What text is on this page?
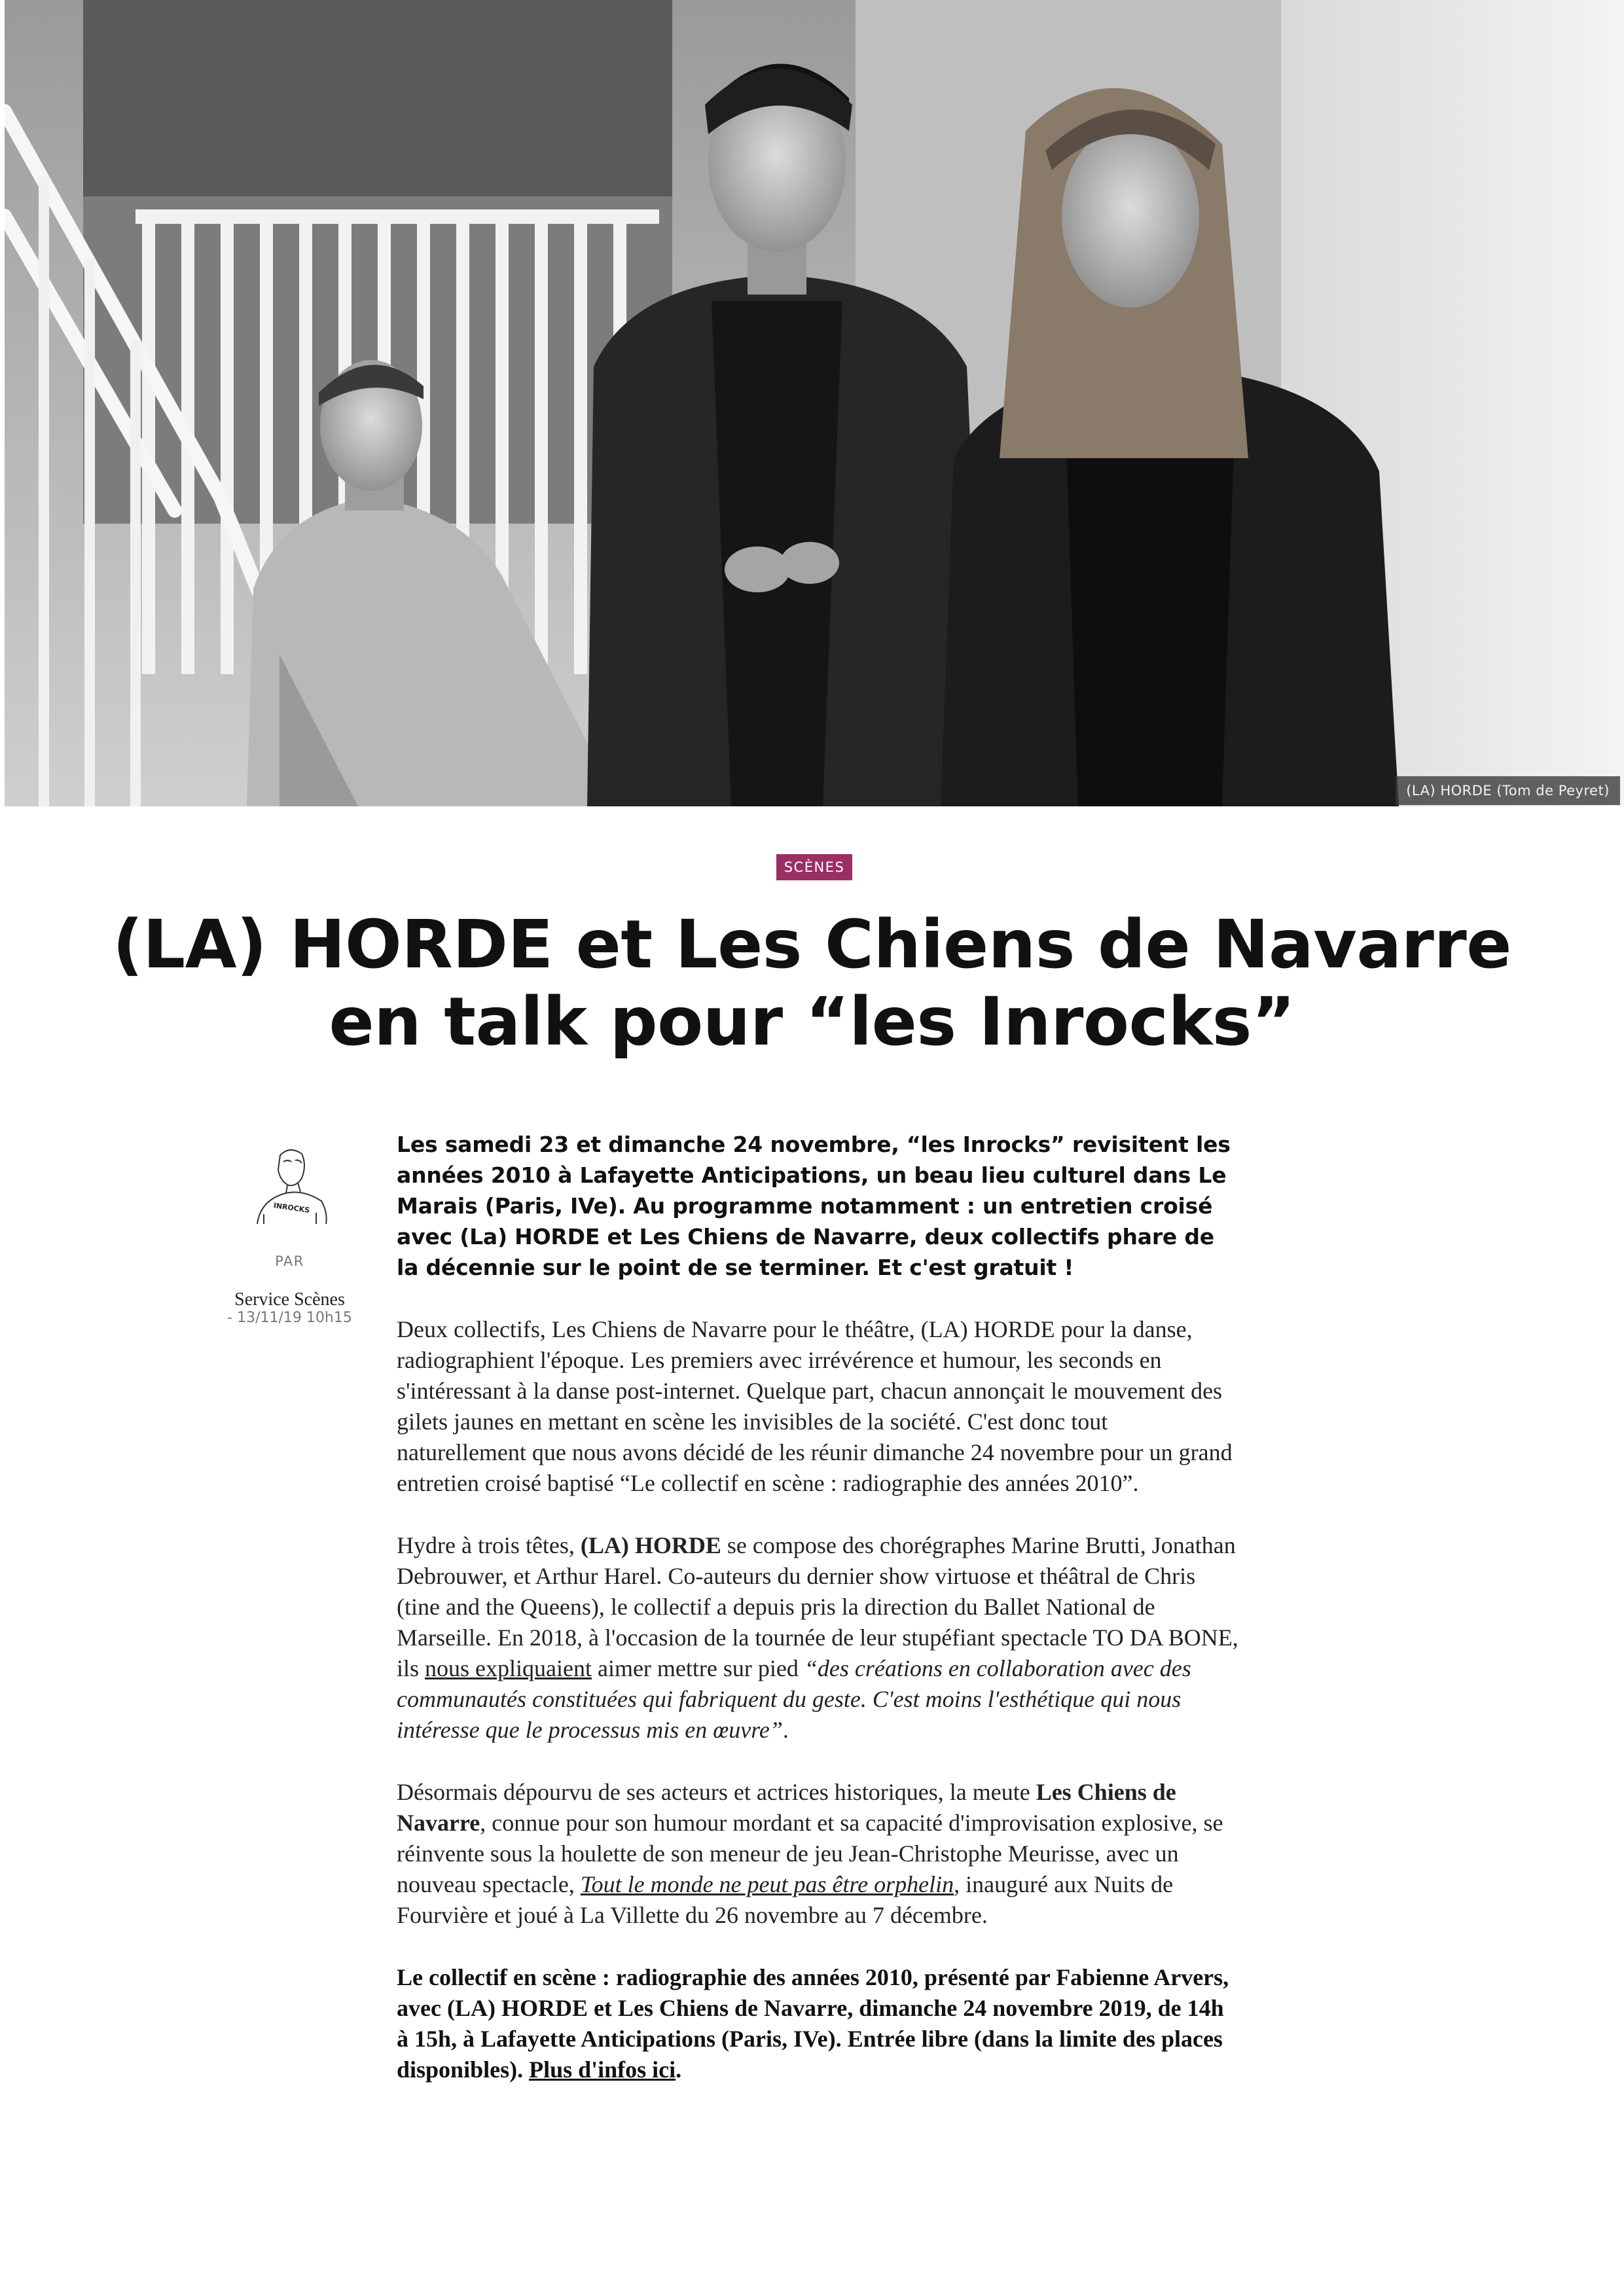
(LA) HORDE (Tom de Peyret)
SCÈNES
(LA) HORDE et Les Chiens de Navarre en talk pour “les Inrocks”
INROCKS
PAR
Service Scènes
- 13/11/19 10h15

Les samedi 23 et dimanche 24 novembre, “les Inrocks” revisitent les années 2010 à Lafayette Anticipations, un beau lieu culturel dans Le Marais (Paris, IVe). Au programme notamment : un entretien croisé avec (La) HORDE et Les Chiens de Navarre, deux collectifs phare de la décennie sur le point de se terminer. Et c'est gratuit !

Deux collectifs, Les Chiens de Navarre pour le théâtre, (LA) HORDE pour la danse, radiographient l'époque. Les premiers avec irrévérence et humour, les seconds en s'intéressant à la danse post-internet. Quelque part, chacun annonçait le mouvement des gilets jaunes en mettant en scène les invisibles de la société. C'est donc tout naturellement que nous avons décidé de les réunir dimanche 24 novembre pour un grand entretien croisé baptisé “Le collectif en scène : radiographie des années 2010”.

Hydre à trois têtes, (LA) HORDE se compose des chorégraphes Marine Brutti, Jonathan Debrouwer, et Arthur Harel. Co-auteurs du dernier show virtuose et théâtral de Chris (tine and the Queens), le collectif a depuis pris la direction du Ballet National de Marseille. En 2018, à l'occasion de la tournée de leur stupéfiant spectacle TO DA BONE, ils nous expliquaient aimer mettre sur pied “des créations en collaboration avec des communautés constituées qui fabriquent du geste. C'est moins l'esthétique qui nous intéresse que le processus mis en œuvre”.

Désormais dépourvu de ses acteurs et actrices historiques, la meute Les Chiens de Navarre, connue pour son humour mordant et sa capacité d'improvisation explosive, se réinvente sous la houlette de son meneur de jeu Jean-Christophe Meurisse, avec un nouveau spectacle, Tout le monde ne peut pas être orphelin, inauguré aux Nuits de Fourvière et joué à La Villette du 26 novembre au 7 décembre.

Le collectif en scène : radiographie des années 2010, présenté par Fabienne Arvers, avec (LA) HORDE et Les Chiens de Navarre, dimanche 24 novembre 2019, de 14h à 15h, à Lafayette Anticipations (Paris, IVe). Entrée libre (dans la limite des places disponibles). Plus d'infos ici.
